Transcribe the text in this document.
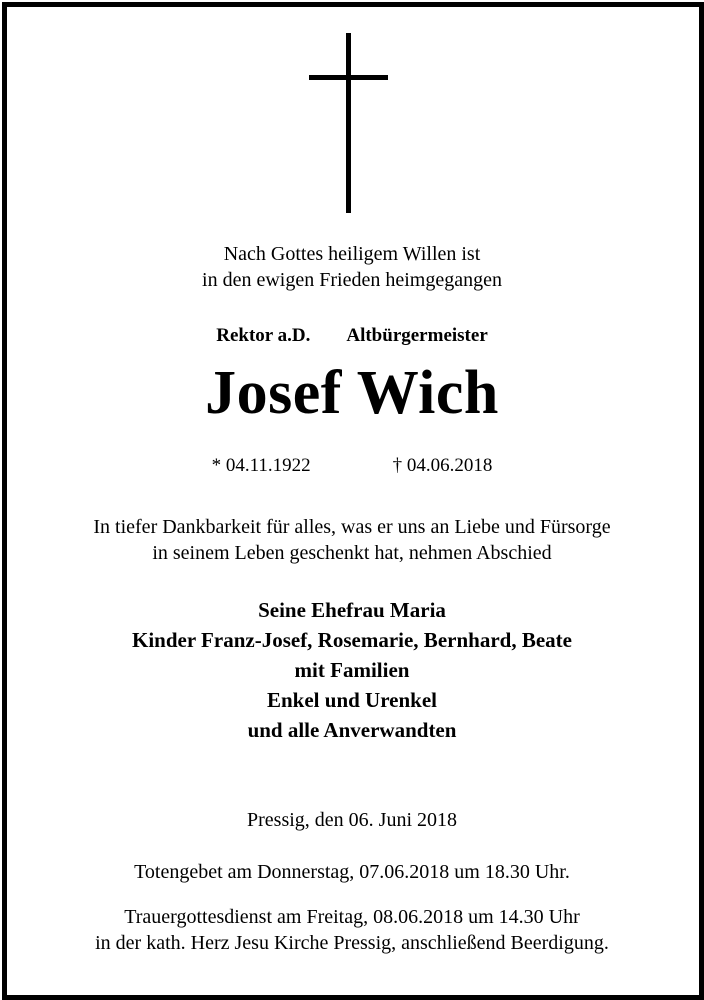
Nach Gottes heiligem Willen ist
in den ewigen Frieden heimgegangen
Rektor a.D. Altbürgermeister
Josef Wich
* 04.11.1922	† 04.06.2018
In tiefer Dankbarkeit für alles, was er uns an Liebe und Fürsorge
in seinem Leben geschenkt hat, nehmen Abschied
Seine Ehefrau Maria
Kinder Franz-Josef, Rosemarie, Bernhard, Beate
mit Familien
Enkel und Urenkel
und alle Anverwandten
Pressig, den 06. Juni 2018
Totengebet am Donnerstag, 07.06.2018 um 18.30 Uhr.
Trauergottesdienst am Freitag, 08.06.2018 um 14.30 Uhr
in der kath. Herz Jesu Kirche Pressig, anschließend Beerdigung.
